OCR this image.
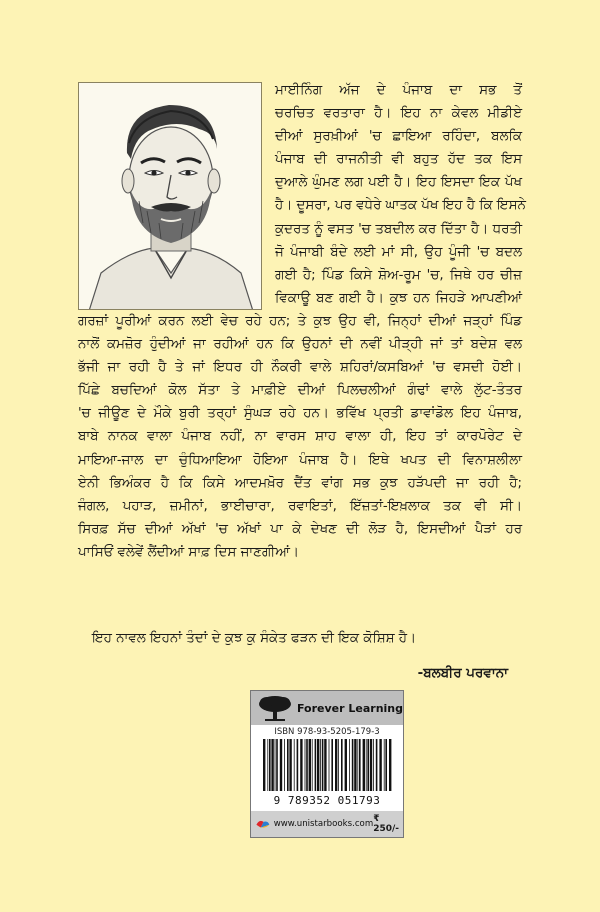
ਮਾਈਨਿੰਗ ਅੱਜ ਦੇ ਪੰਜਾਬ ਦਾ ਸਭ ਤੋਂ
ਚਰਚਿਤ ਵਰਤਾਰਾ ਹੈ। ਇਹ ਨਾ ਕੇਵਲ ਮੀਡੀਏ
ਦੀਆਂ ਸੁਰਖ਼ੀਆਂ 'ਚ ਛਾਇਆ ਰਹਿੰਦਾ, ਬਲਕਿ
ਪੰਜਾਬ ਦੀ ਰਾਜਨੀਤੀ ਵੀ ਬਹੁਤ ਹੱਦ ਤਕ ਇਸ
ਦੁਆਲੇ ਘੁੰਮਣ ਲਗ ਪਈ ਹੈ। ਇਹ ਇਸਦਾ ਇਕ ਪੱਖ
ਹੈ। ਦੂਸਰਾ, ਪਰ ਵਧੇਰੇ ਘਾਤਕ ਪੱਖ ਇਹ ਹੈ ਕਿ ਇਸਨੇ
ਕੁਦਰਤ ਨੂੰ ਵਸਤ 'ਚ ਤਬਦੀਲ ਕਰ ਦਿੱਤਾ ਹੈ। ਧਰਤੀ
ਜੋ ਪੰਜਾਬੀ ਬੰਦੇ ਲਈ ਮਾਂ ਸੀ, ਉਹ ਪੂੰਜੀ 'ਚ ਬਦਲ
ਗਈ ਹੈ; ਪਿੰਡ ਕਿਸੇ ਸ਼ੋਅ-ਰੂਮ 'ਚ, ਜਿਥੇ ਹਰ ਚੀਜ਼
ਵਿਕਾਊ ਬਣ ਗਈ ਹੈ। ਕੁਝ ਹਨ ਜਿਹੜੇ ਆਪਣੀਆਂ
ਗਰਜ਼ਾਂ ਪੂਰੀਆਂ ਕਰਨ ਲਈ ਵੇਚ ਰਹੇ ਹਨ; ਤੇ ਕੁਝ ਉਹ ਵੀ, ਜਿਨ੍ਹਾਂ ਦੀਆਂ ਜੜ੍ਹਾਂ ਪਿੰਡ
ਨਾਲੋਂ ਕਮਜ਼ੋਰ ਹੁੰਦੀਆਂ ਜਾ ਰਹੀਆਂ ਹਨ ਕਿ ਉਹਨਾਂ ਦੀ ਨਵੀਂ ਪੀੜ੍ਹੀ ਜਾਂ ਤਾਂ ਬਦੇਸ਼ ਵਲ
ਭੱਜੀ ਜਾ ਰਹੀ ਹੈ ਤੇ ਜਾਂ ਇਧਰ ਹੀ ਨੌਕਰੀ ਵਾਲੇ ਸ਼ਹਿਰਾਂ/ਕਸਬਿਆਂ 'ਚ ਵਸਦੀ ਹੋਈ।
ਪਿੱਛੇ ਬਚਦਿਆਂ ਕੋਲ ਸੱਤਾ ਤੇ ਮਾਫ਼ੀਏ ਦੀਆਂ ਪਿਲਚਲੀਆਂ ਗੰਢਾਂ ਵਾਲੇ ਲੁੱਟ-ਤੰਤਰ
'ਚ ਜੀਊਣ ਦੇ ਮੌਕੇ ਬੁਰੀ ਤਰ੍ਹਾਂ ਸੁੰਘੜ ਰਹੇ ਹਨ। ਭਵਿੱਖ ਪ੍ਰਤੀ ਡਾਵਾਂਡੋਲ ਇਹ ਪੰਜਾਬ,
ਬਾਬੇ ਨਾਨਕ ਵਾਲਾ ਪੰਜਾਬ ਨਹੀਂ, ਨਾ ਵਾਰਸ ਸ਼ਾਹ ਵਾਲਾ ਹੀ, ਇਹ ਤਾਂ ਕਾਰਪੋਰੇਟ ਦੇ
ਮਾਇਆ-ਜਾਲ ਦਾ ਚੁੰਧਿਆਇਆ ਹੋਇਆ ਪੰਜਾਬ ਹੈ। ਇਥੇ ਖਪਤ ਦੀ ਵਿਨਾਸ਼ਲੀਲਾ
ਏਨੀ ਭਿਅੰਕਰ ਹੈ ਕਿ ਕਿਸੇ ਆਦਮਖ਼ੋਰ ਦੈਂਤ ਵਾਂਗ ਸਭ ਕੁਝ ਹੜੱਪਦੀ ਜਾ ਰਹੀ ਹੈ;
ਜੰਗਲ, ਪਹਾੜ, ਜ਼ਮੀਨਾਂ, ਭਾਈਚਾਰਾ, ਰਵਾਇਤਾਂ, ਇੱਜ਼ਤਾਂ-ਇਖ਼ਲਾਕ ਤਕ ਵੀ ਸੀ।
ਸਿਰਫ਼ ਸੱਚ ਦੀਆਂ ਅੱਖਾਂ 'ਚ ਅੱਖਾਂ ਪਾ ਕੇ ਦੇਖਣ ਦੀ ਲੋੜ ਹੈ, ਇਸਦੀਆਂ ਪੈੜਾਂ ਹਰ
ਪਾਸਿਓਂ ਵਲੇਵੇਂ ਲੈਂਦੀਆਂ ਸਾਫ਼ ਦਿਸ ਜਾਣਗੀਆਂ।
ਇਹ ਨਾਵਲ ਇਹਨਾਂ ਤੰਦਾਂ ਦੇ ਕੁਝ ਕੁ ਸੰਕੇਤ ਫੜਨ ਦੀ ਇਕ ਕੋਸ਼ਿਸ਼ ਹੈ।
-ਬਲਬੀਰ ਪਰਵਾਨਾ
Forever Learning
ISBN 978-93-5205-179-3
9 789352 051793
www.unistarbooks.com ₹ 250/-
